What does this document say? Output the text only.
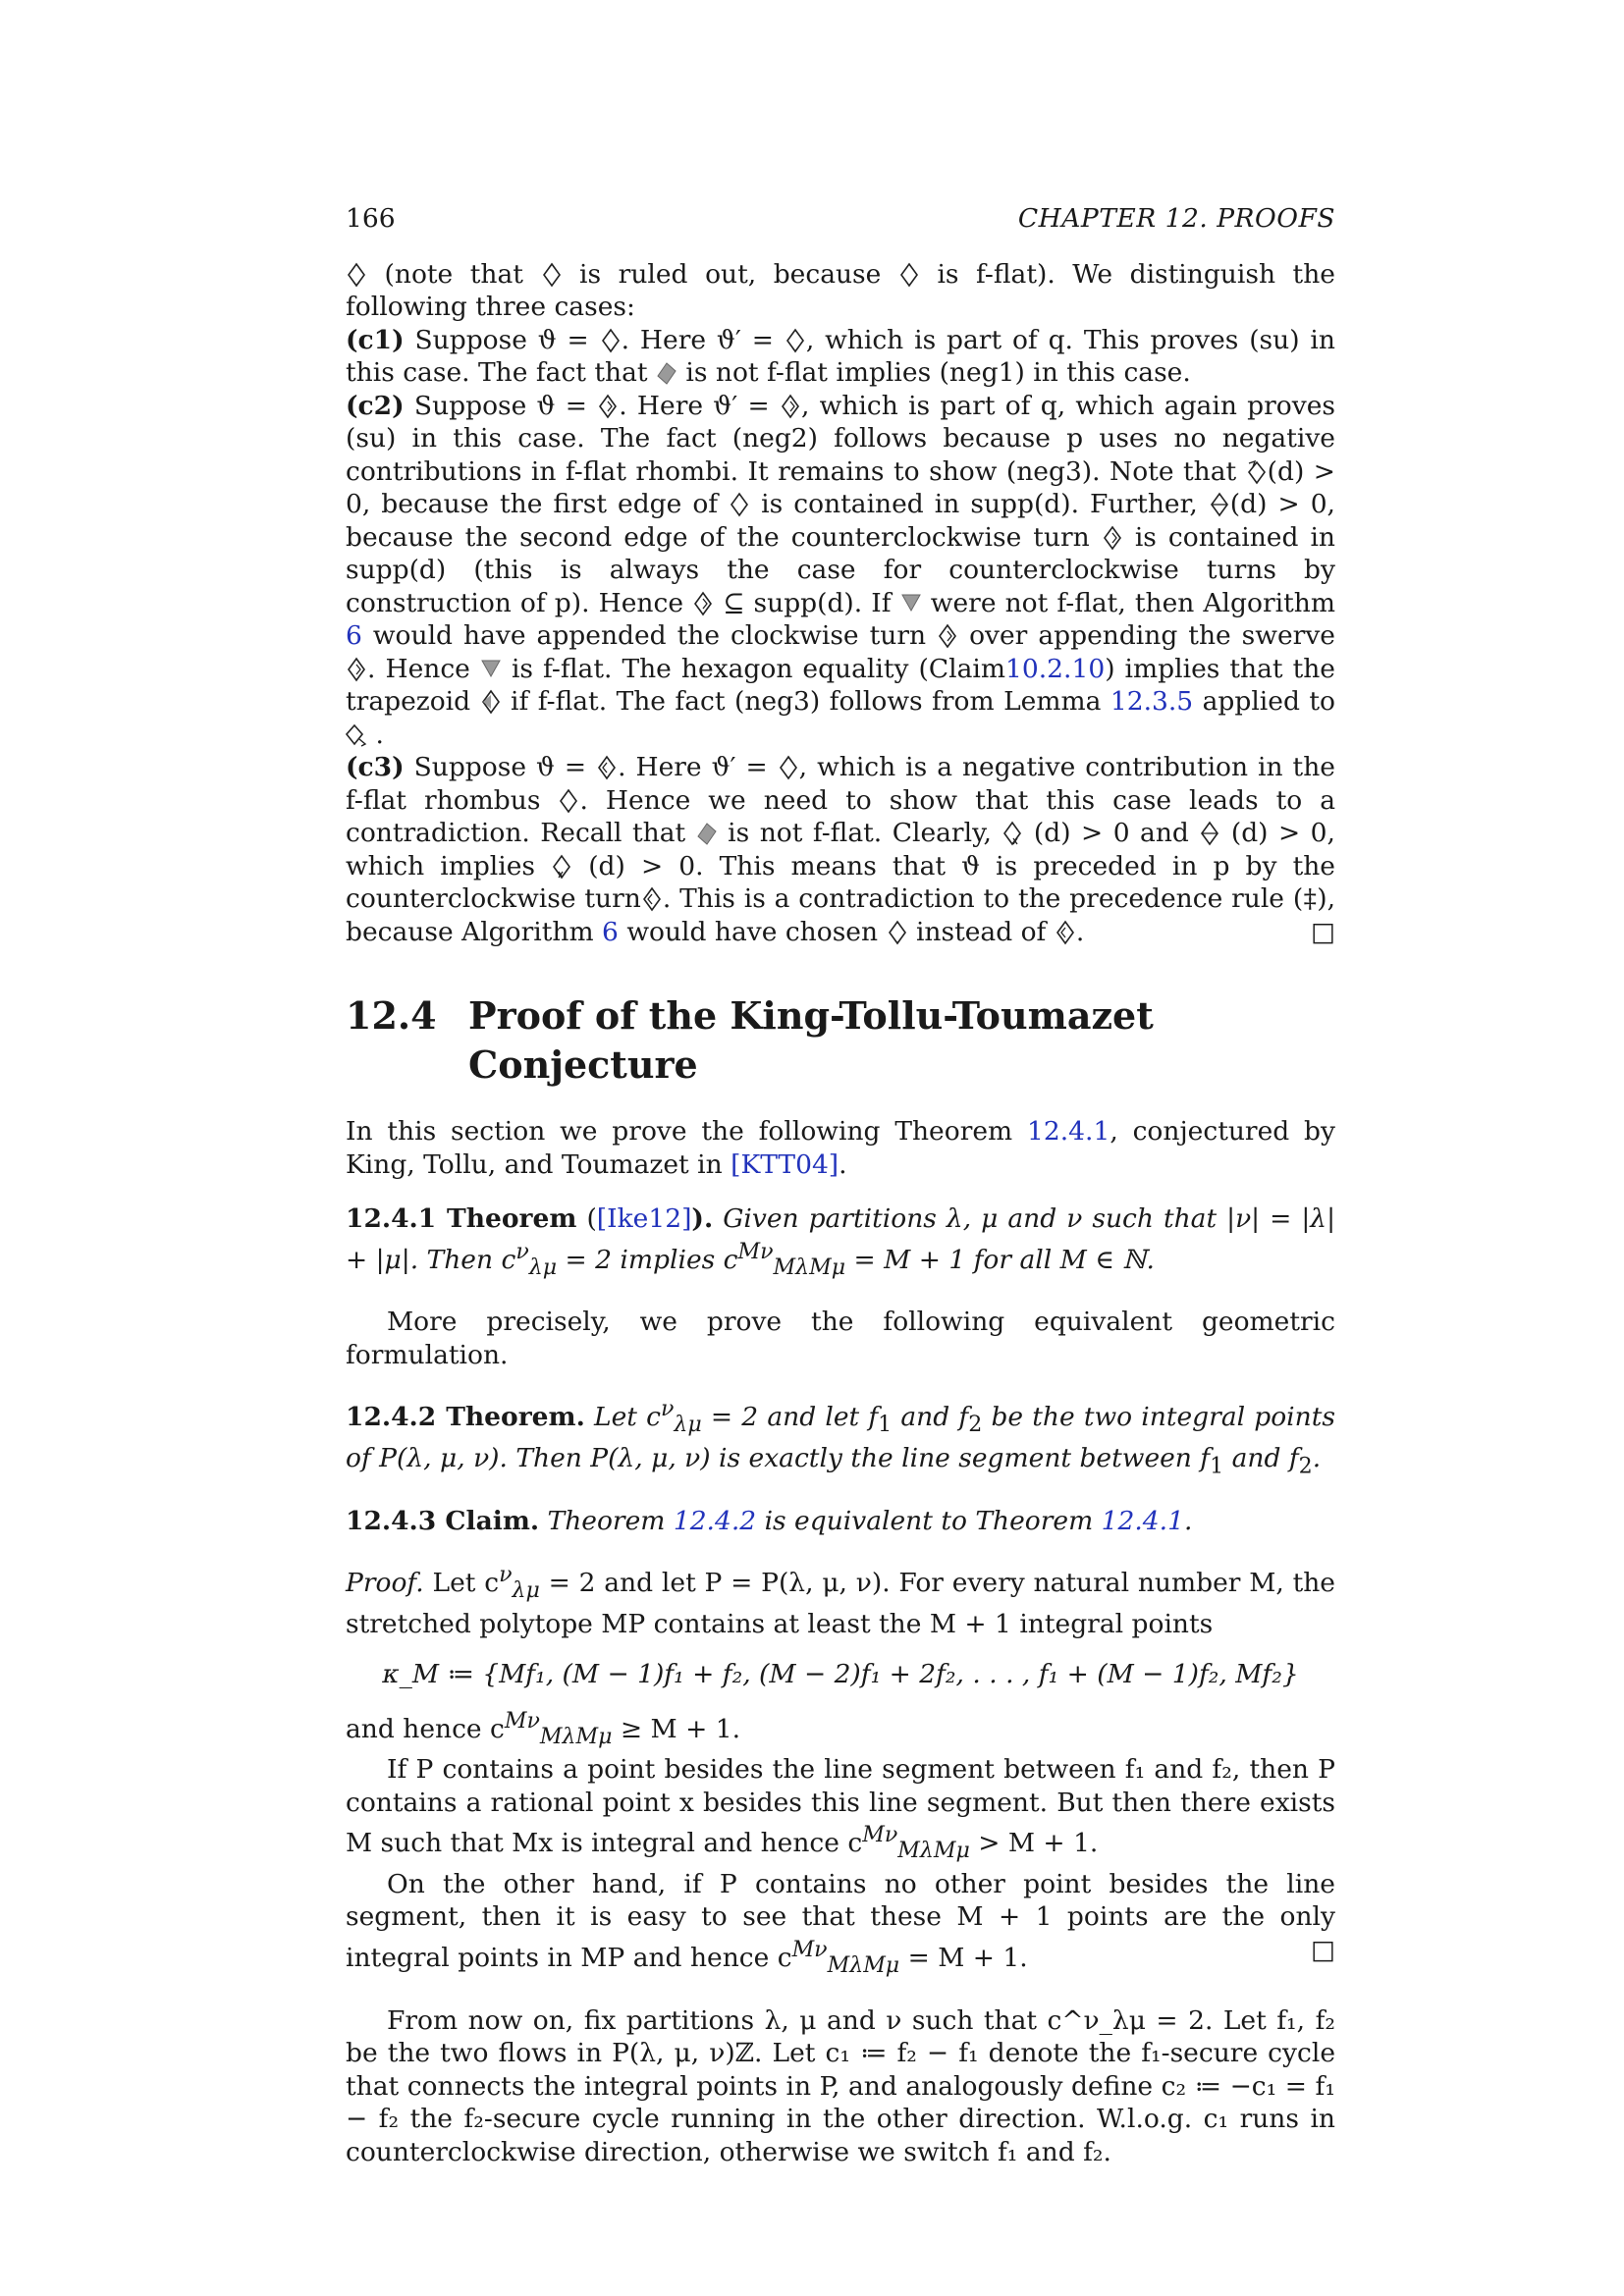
166	CHAPTER 12. PROOFS

(note that is ruled out, because is f-flat). We distinguish the following three cases:

(c1) Suppose ϑ = . Here ϑ′ = , which is part of q. This proves (su) in this case. The fact that is not f-flat implies (neg1) in this case.

(c2) Suppose ϑ = . Here ϑ′ = , which is part of q, which again proves (su) in this case. The fact (neg2) follows because p uses no negative contributions in f-flat rhombi. It remains to show (neg3). Note that (d) > 0, because the first edge of is contained in supp(d). Further, (d) > 0, because the second edge of the counterclockwise turn is contained in supp(d) (this is always the case for counterclockwise turns by construction of p). Hence ⊆ supp(d). If were not f-flat, then Algorithm 6 would have appended the clockwise turn over appending the swerve
. Hence is f-flat. The hexagon equality (Claim10.2.10) implies that the trapezoid if f-flat. The fact (neg3) follows from Lemma 12.3.5 applied to
.

(c3) Suppose ϑ = . Here ϑ′ = , which is a negative contribution in the f-flat rhombus . Hence we need to show that this case leads to a contradiction. Recall that is not f-flat. Clearly, (d) > 0 and (d) > 0, which implies (d) > 0. This means that ϑ is preceded in p by the counterclockwise turn . This is a contradiction to the precedence rule (‡), because Algorithm 6 would have chosen instead of .	□

12.4 Proof of the King-Tollu-Toumazet Conjecture

In this section we prove the following Theorem 12.4.1, conjectured by King, Tollu, and Toumazet in [KTT04].

12.4.1 Theorem ([Ike12]). Given partitions λ, μ and ν such that |ν| = |λ| + |μ|. Then $c^\nu_{\lambda\mu} = 2$ implies $c^{M\nu}_{M\lambda M\mu} = M + 1$ for all M ∈ ℕ.

More precisely, we prove the following equivalent geometric formulation.

12.4.2 Theorem. Let $c^\nu_{\lambda\mu} = 2$ and let $f_1$ and $f_2$ be the two integral points of P(λ, μ, ν). Then P(λ, μ, ν) is exactly the line segment between $f_1$ and $f_2$.

12.4.3 Claim. Theorem 12.4.2 is equivalent to Theorem 12.4.1.

Proof. Let $c^\nu_{\lambda\mu} = 2$ and let P = P(λ, μ, ν). For every natural number M, the stretched polytope MP contains at least the M + 1 integral points

κ_M ≔ {Mf₁, (M − 1)f₁ + f₂, (M − 2)f₁ + 2f₂, . . . , f₁ + (M − 1)f₂, Mf₂}

and hence $c^{M\nu}_{M\lambda M\mu} \ge M + 1$.

If P contains a point besides the line segment between f₁ and f₂, then P contains a rational point x besides this line segment. But then there exists M such that Mx is integral and hence $c^{M\nu}_{M\lambda M\mu} > M + 1$.

On the other hand, if P contains no other point besides the line segment, then it is easy to see that these M + 1 points are the only integral points in MP and hence $c^{M\nu}_{M\lambda M\mu} = M + 1$.	□

From now on, fix partitions λ, μ and ν such that c^ν_λμ = 2. Let f₁, f₂ be the two flows in P(λ, μ, ν)ℤ. Let c₁ ≔ f₂ − f₁ denote the f₁-secure cycle that connects the integral points in P, and analogously define c₂ ≔ −c₁ = f₁ − f₂ the f₂-secure cycle running in the other direction. W.l.o.g. c₁ runs in counterclockwise direction, otherwise we switch f₁ and f₂.
